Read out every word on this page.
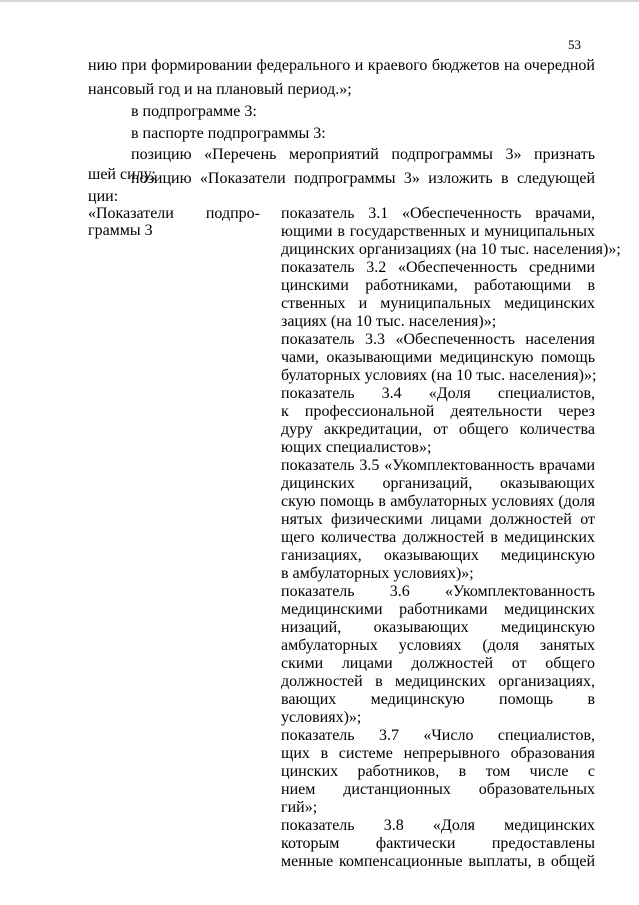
53
нию при формировании федерального и краевого бюджетов на очередной
нансовый год и на плановый период.»;
в подпрограмме 3:
в паспорте подпрограммы 3:
позицию «Перечень мероприятий подпрограммы 3» признать
шей силу;
позицию «Показатели подпрограммы 3» изложить в следующей
ции:
«Показатели подпро-
граммы 3
показатель 3.1 «Обеспеченность врачами,
ющими в государственных и муниципальных
дицинских организациях (на 10 тыс. населения)»;
показатель 3.2 «Обеспеченность средними
цинскими работниками, работающими в
ственных и муниципальных медицинских
зациях (на 10 тыс. населения)»;
показатель 3.3 «Обеспеченность населения
чами, оказывающими медицинскую помощь
булаторных условиях (на 10 тыс. населения)»;
показатель 3.4 «Доля специалистов,
к профессиональной деятельности через
дуру аккредитации, от общего количества
ющих специалистов»;
показатель 3.5 «Укомплектованность врачами
дицинских организаций, оказывающих
скую помощь в амбулаторных условиях (доля
нятых физическими лицами должностей от
щего количества должностей в медицинских
ганизациях, оказывающих медицинскую
в амбулаторных условиях)»;
показатель 3.6 «Укомплектованность
медицинскими работниками медицинских
низаций, оказывающих медицинскую
амбулаторных условиях (доля занятых
скими лицами должностей от общего
должностей в медицинских организациях,
вающих медицинскую помощь в
условиях)»;
показатель 3.7 «Число специалистов,
щих в системе непрерывного образования
цинских работников, в том числе с
нием дистанционных образовательных
гий»;
показатель 3.8 «Доля медицинских
которым фактически предоставлены
менные компенсационные выплаты, в общей
